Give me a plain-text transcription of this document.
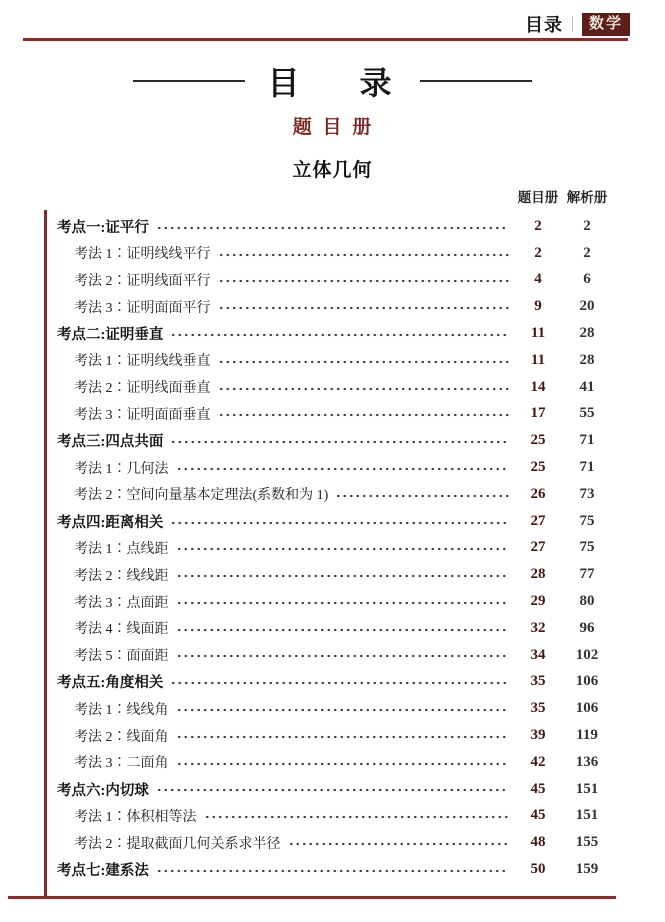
目录	数学
目 录
题 目 册
立体几何
题目册 解析册
考点一:证平行	2	2
考法 1∶证明线线平行	2	2
考法 2∶证明线面平行	4	6
考法 3∶证明面面平行	9	20
考点二:证明垂直	11	28
考法 1∶证明线线垂直	11	28
考法 2∶证明线面垂直	14	41
考法 3∶证明面面垂直	17	55
考点三:四点共面	25	71
考法 1∶几何法	25	71
考法 2∶空间向量基本定理法(系数和为 1)	26	73
考点四:距离相关	27	75
考法 1∶点线距	27	75
考法 2∶线线距	28	77
考法 3∶点面距	29	80
考法 4∶线面距	32	96
考法 5∶面面距	34	102
考点五:角度相关	35	106
考法 1∶线线角	35	106
考法 2∶线面角	39	119
考法 3∶二面角	42	136
考点六:内切球	45	151
考法 1∶体积相等法	45	151
考法 2∶提取截面几何关系求半径	48	155
考点七:建系法	50	159
